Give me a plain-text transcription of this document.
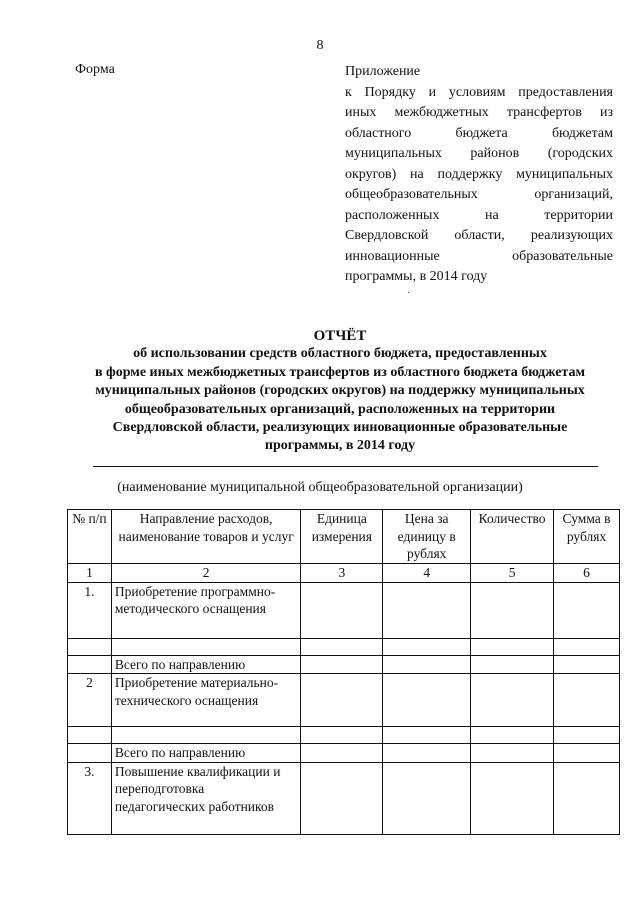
8
Форма	Приложение
к Порядку и условиям предоставления
иных межбюджетных трансфертов из
областного бюджета бюджетам
муниципальных районов (городских
округов) на поддержку муниципальных
общеобразовательных организаций,
расположенных на территории
Свердловской области, реализующих
инновационные образовательные
программы, в 2014 году
·
ОТЧЁТ
об использовании средств областного бюджета, предоставленных
в форме иных межбюджетных трансфертов из областного бюджета бюджетам
муниципальных районов (городских округов) на поддержку муниципальных
общеобразовательных организаций, расположенных на территории
Свердловской области, реализующих инновационные образовательные
программы, в 2014 году
(наименование муниципальной общеобразовательной организации)
№ п/п	Направление расходов, наименование товаров и услуг	Единица измерения	Цена за единицу в рублях	Количество	Сумма в рублях
1	2	3	4	5	6
1.	Приобретение программно-методического оснащения				

	Всего по направлению				
2	Приобретение материально-технического оснащения				

	Всего по направлению				
3.	Повышение квалификации и переподготовка педагогических работников				
